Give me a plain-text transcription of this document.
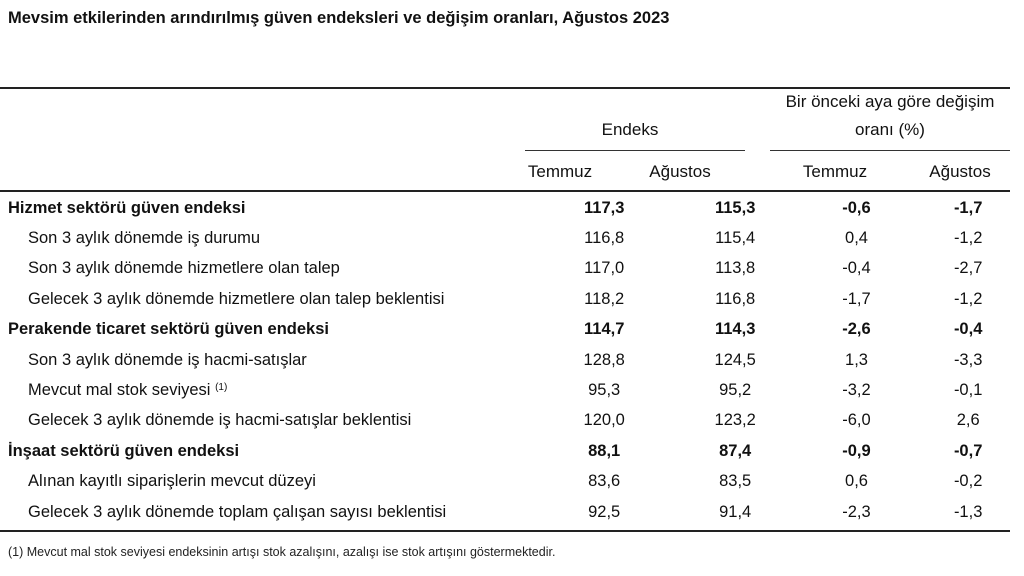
Mevsim etkilerinden arındırılmış güven endeksleri ve değişim oranları, Ağustos 2023
Endeks
Bir önceki aya göre değişim
oranı (%)
Temmuz	Ağustos	Temmuz	Ağustos
Hizmet sektörü güven endeksi	117,3	115,3	-0,6	-1,7
Son 3 aylık dönemde iş durumu	116,8	115,4	0,4	-1,2
Son 3 aylık dönemde hizmetlere olan talep	117,0	113,8	-0,4	-2,7
Gelecek 3 aylık dönemde hizmetlere olan talep beklentisi	118,2	116,8	-1,7	-1,2
Perakende ticaret sektörü güven endeksi	114,7	114,3	-2,6	-0,4
Son 3 aylık dönemde iş hacmi-satışlar	128,8	124,5	1,3	-3,3
Mevcut mal stok seviyesi $^{(1)}$	95,3	95,2	-3,2	-0,1
Gelecek 3 aylık dönemde iş hacmi-satışlar beklentisi	120,0	123,2	-6,0	2,6
İnşaat sektörü güven endeksi	88,1	87,4	-0,9	-0,7
Alınan kayıtlı siparişlerin mevcut düzeyi	83,6	83,5	0,6	-0,2
Gelecek 3 aylık dönemde toplam çalışan sayısı beklentisi	92,5	91,4	-2,3	-1,3
(1) Mevcut mal stok seviyesi endeksinin artışı stok azalışını, azalışı ise stok artışını göstermektedir.
